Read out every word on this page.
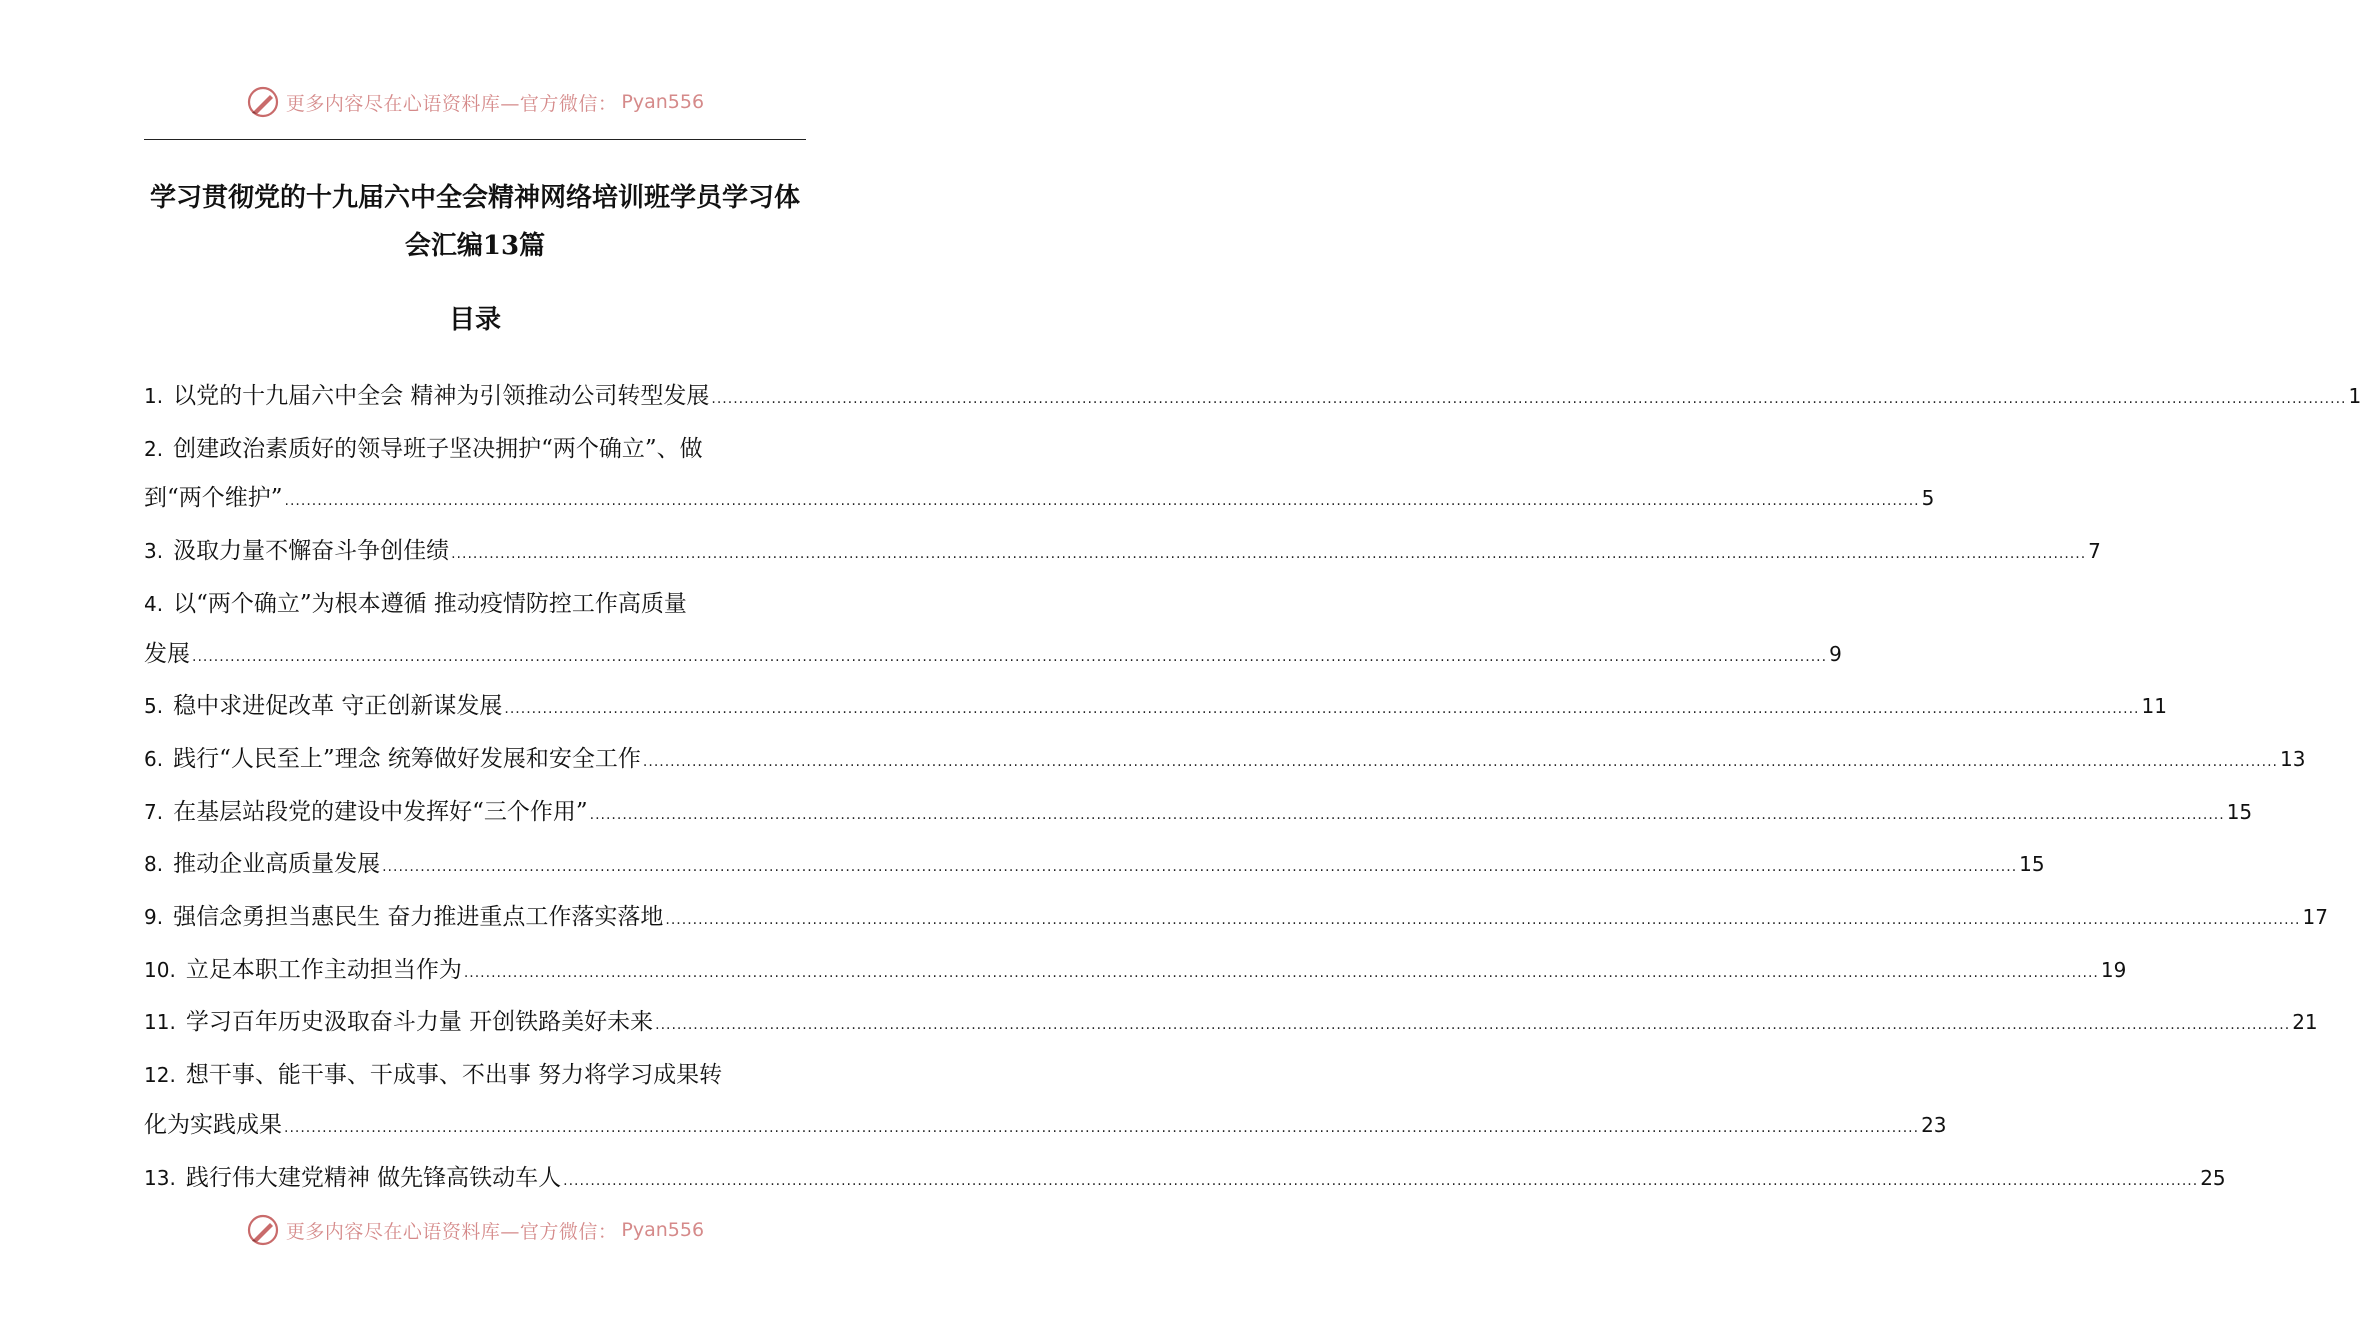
更多内容尽在心语资料库—官方微信： Pyan556
学习贯彻党的十九届六中全会精神网络培训班学员学习体
会汇编13篇
目录
1. 以党的十九届六中全会 精神为引领推动公司转型发展 ............................................................................................................................................................................................................................................................................................................ 1
2. 创建政治素质好的领导班子坚决拥护“两个确立”、做
到“两个维护” ............................................................................................................................................................................................................................................................................................................ 5
3. 汲取力量不懈奋斗争创佳绩 ............................................................................................................................................................................................................................................................................................................ 7
4. 以“两个确立”为根本遵循 推动疫情防控工作高质量
发展 ............................................................................................................................................................................................................................................................................................................ 9
5. 稳中求进促改革 守正创新谋发展 ............................................................................................................................................................................................................................................................................................................ 11
6. 践行“人民至上”理念 统筹做好发展和安全工作 ............................................................................................................................................................................................................................................................................................................ 13
7. 在基层站段党的建设中发挥好“三个作用” ............................................................................................................................................................................................................................................................................................................ 15
8. 推动企业高质量发展 ............................................................................................................................................................................................................................................................................................................ 15
9. 强信念勇担当惠民生 奋力推进重点工作落实落地 ............................................................................................................................................................................................................................................................................................................ 17
10. 立足本职工作主动担当作为 ............................................................................................................................................................................................................................................................................................................ 19
11. 学习百年历史汲取奋斗力量 开创铁路美好未来 ............................................................................................................................................................................................................................................................................................................ 21
12. 想干事、能干事、干成事、不出事 努力将学习成果转
化为实践成果 ............................................................................................................................................................................................................................................................................................................ 23
13. 践行伟大建党精神 做先锋高铁动车人 ............................................................................................................................................................................................................................................................................................................ 25
更多内容尽在心语资料库—官方微信： Pyan556
